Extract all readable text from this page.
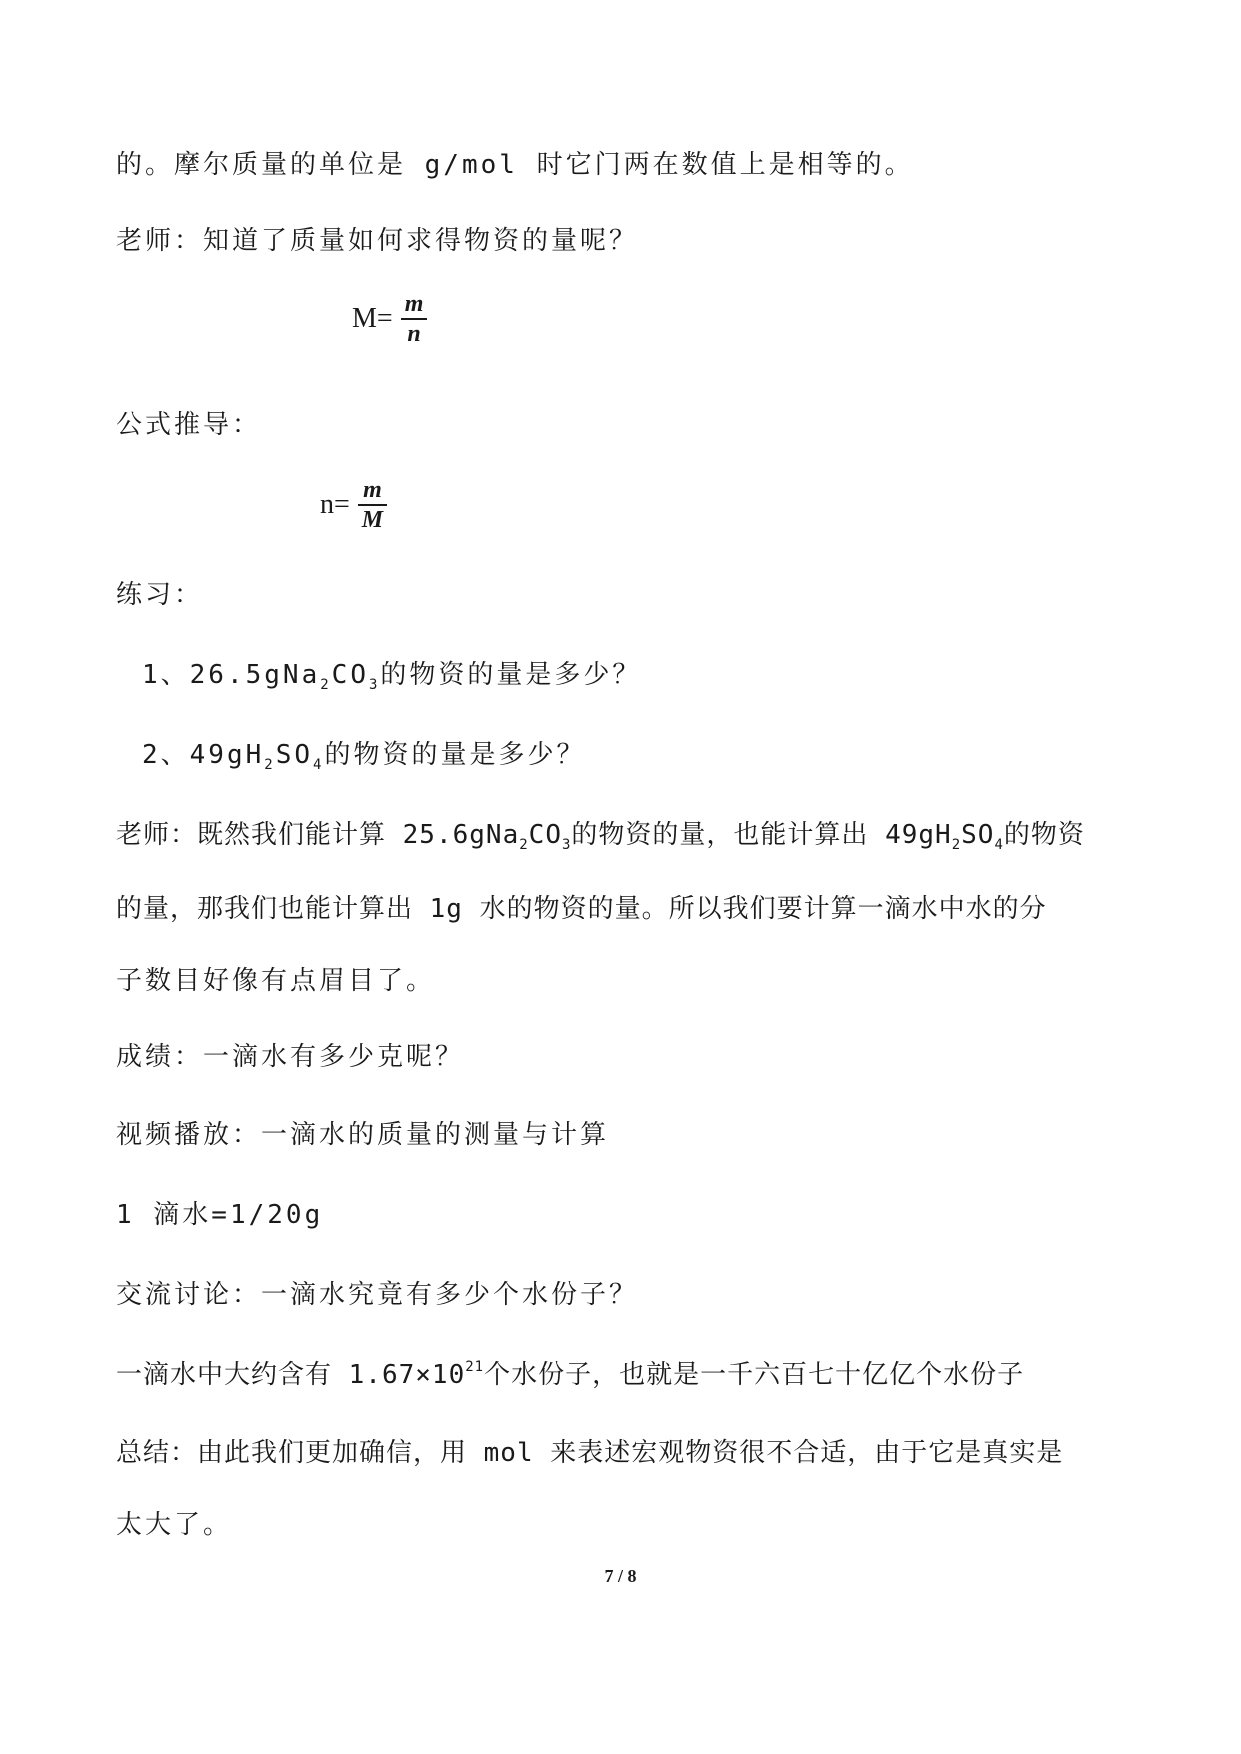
的。摩尔质量的单位是 g/mol 时它门两在数值上是相等的。
老师：知道了质量如何求得物资的量呢？
$M= \frac{m}{n}$
公式推导：
$n= \frac{m}{M}$
练习：
1、$26.5gNa_2CO_3$的物资的量是多少？
2、$49gH_2SO_4$的物资的量是多少？
老师：既然我们能计算 $25.6gNa_2CO_3$的物资的量，也能计算出 $49gH_2SO_4$的物资
的量，那我们也能计算出 1g 水的物资的量。所以我们要计算一滴水中水的分
子数目好像有点眉目了。
成绩：一滴水有多少克呢？
视频播放：一滴水的质量的测量与计算
1 滴水=1/20g
交流讨论：一滴水究竟有多少个水份子？
一滴水中大约含有 $1.67\times 10^{21}$个水份子，也就是一千六百七十亿亿个水份子
总结：由此我们更加确信，用 mol 来表述宏观物资很不合适，由于它是真实是
太大了。
7 / 8
